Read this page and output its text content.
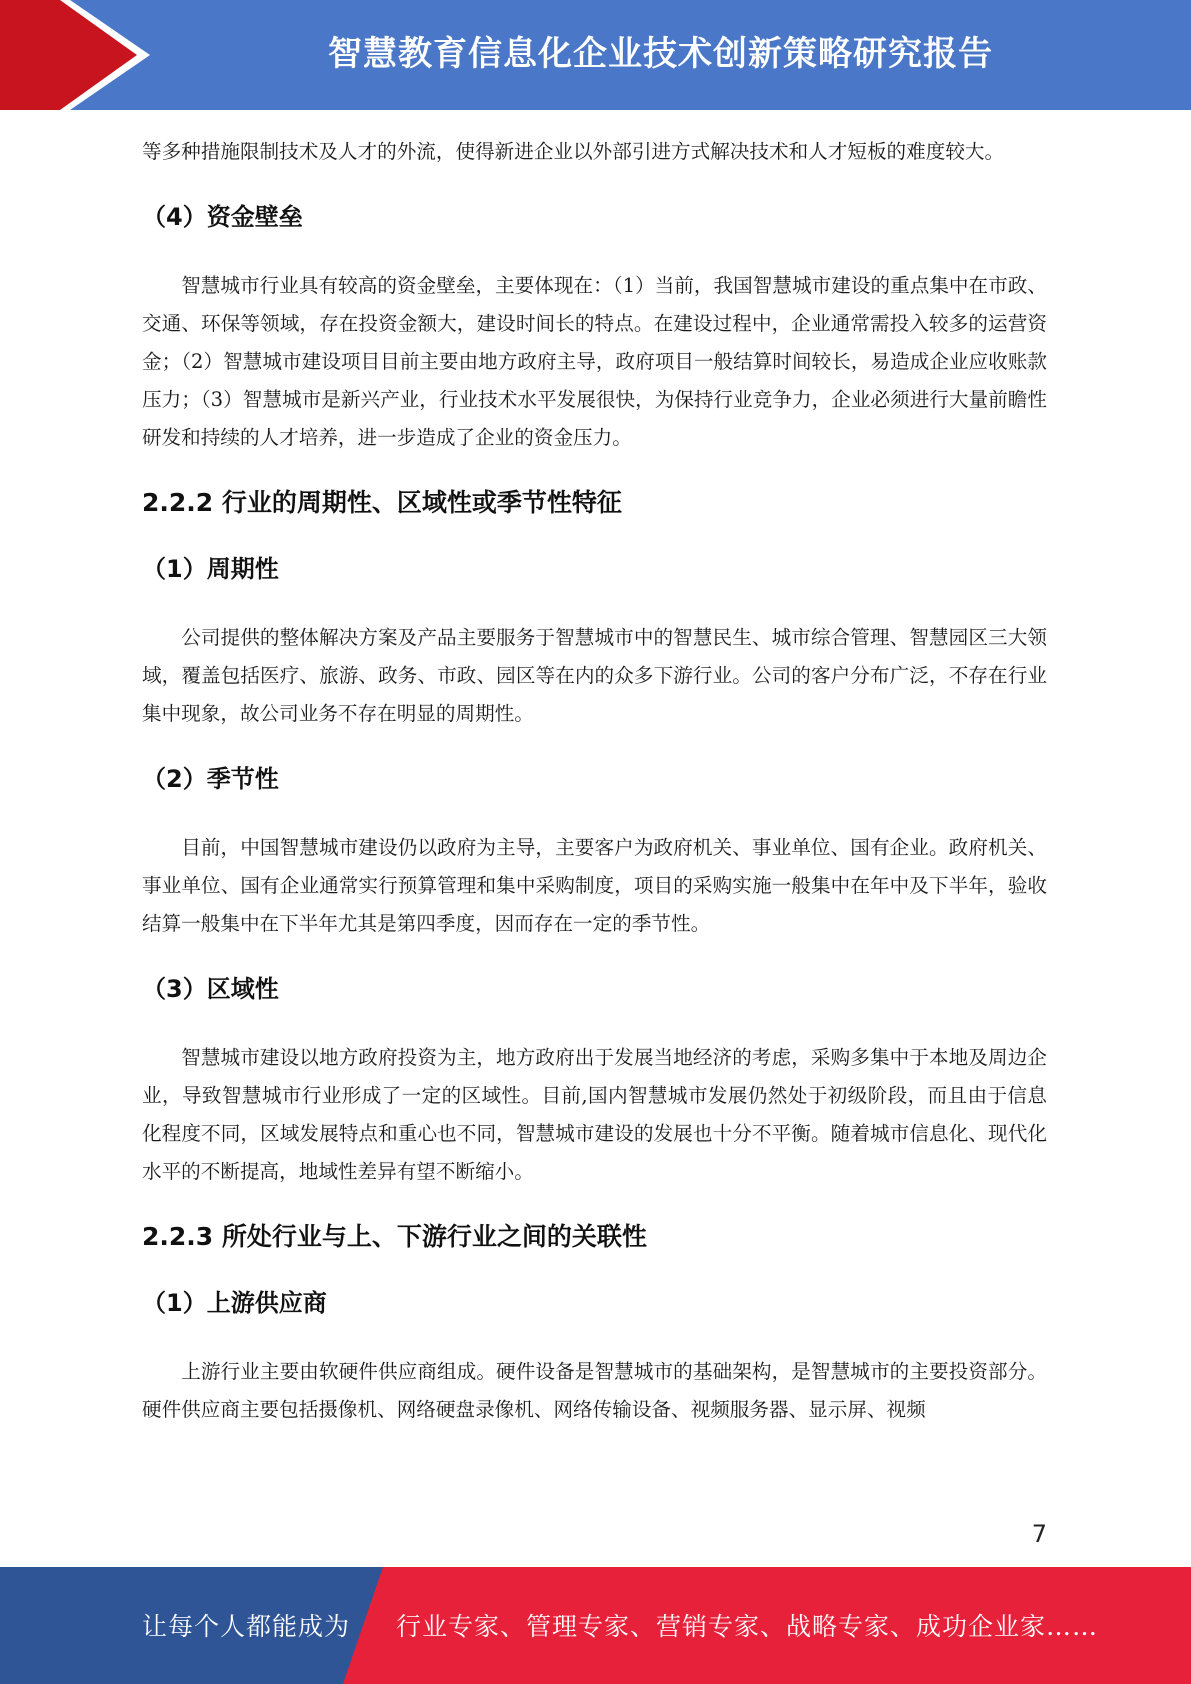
智慧教育信息化企业技术创新策略研究报告

等多种措施限制技术及人才的外流，使得新进企业以外部引进方式解决技术和人才短板的难度较大。

（4）资金壁垒

智慧城市行业具有较高的资金壁垒，主要体现在：（1）当前，我国智慧城市建设的重点集中在市政、交通、环保等领域，存在投资金额大，建设时间长的特点。在建设过程中，企业通常需投入较多的运营资金；（2）智慧城市建设项目目前主要由地方政府主导，政府项目一般结算时间较长，易造成企业应收账款压力；（3）智慧城市是新兴产业，行业技术水平发展很快，为保持行业竞争力，企业必须进行大量前瞻性研发和持续的人才培养，进一步造成了企业的资金压力。

2.2.2 行业的周期性、区域性或季节性特征
（1）周期性

公司提供的整体解决方案及产品主要服务于智慧城市中的智慧民生、城市综合管理、智慧园区三大领域，覆盖包括医疗、旅游、政务、市政、园区等在内的众多下游行业。公司的客户分布广泛，不存在行业集中现象，故公司业务不存在明显的周期性。

（2）季节性

目前，中国智慧城市建设仍以政府为主导，主要客户为政府机关、事业单位、国有企业。政府机关、事业单位、国有企业通常实行预算管理和集中采购制度，项目的采购实施一般集中在年中及下半年，验收结算一般集中在下半年尤其是第四季度，因而存在一定的季节性。

（3）区域性

智慧城市建设以地方政府投资为主，地方政府出于发展当地经济的考虑，采购多集中于本地及周边企业，导致智慧城市行业形成了一定的区域性。目前,国内智慧城市发展仍然处于初级阶段，而且由于信息化程度不同，区域发展特点和重心也不同，智慧城市建设的发展也十分不平衡。随着城市信息化、现代化水平的不断提高，地域性差异有望不断缩小。

2.2.3 所处行业与上、下游行业之间的关联性
（1）上游供应商

上游行业主要由软硬件供应商组成。硬件设备是智慧城市的基础架构，是智慧城市的主要投资部分。硬件供应商主要包括摄像机、网络硬盘录像机、网络传输设备、视频服务器、显示屏、视频

7
让每个人都能成为 行业专家、管理专家、营销专家、战略专家、成功企业家……
